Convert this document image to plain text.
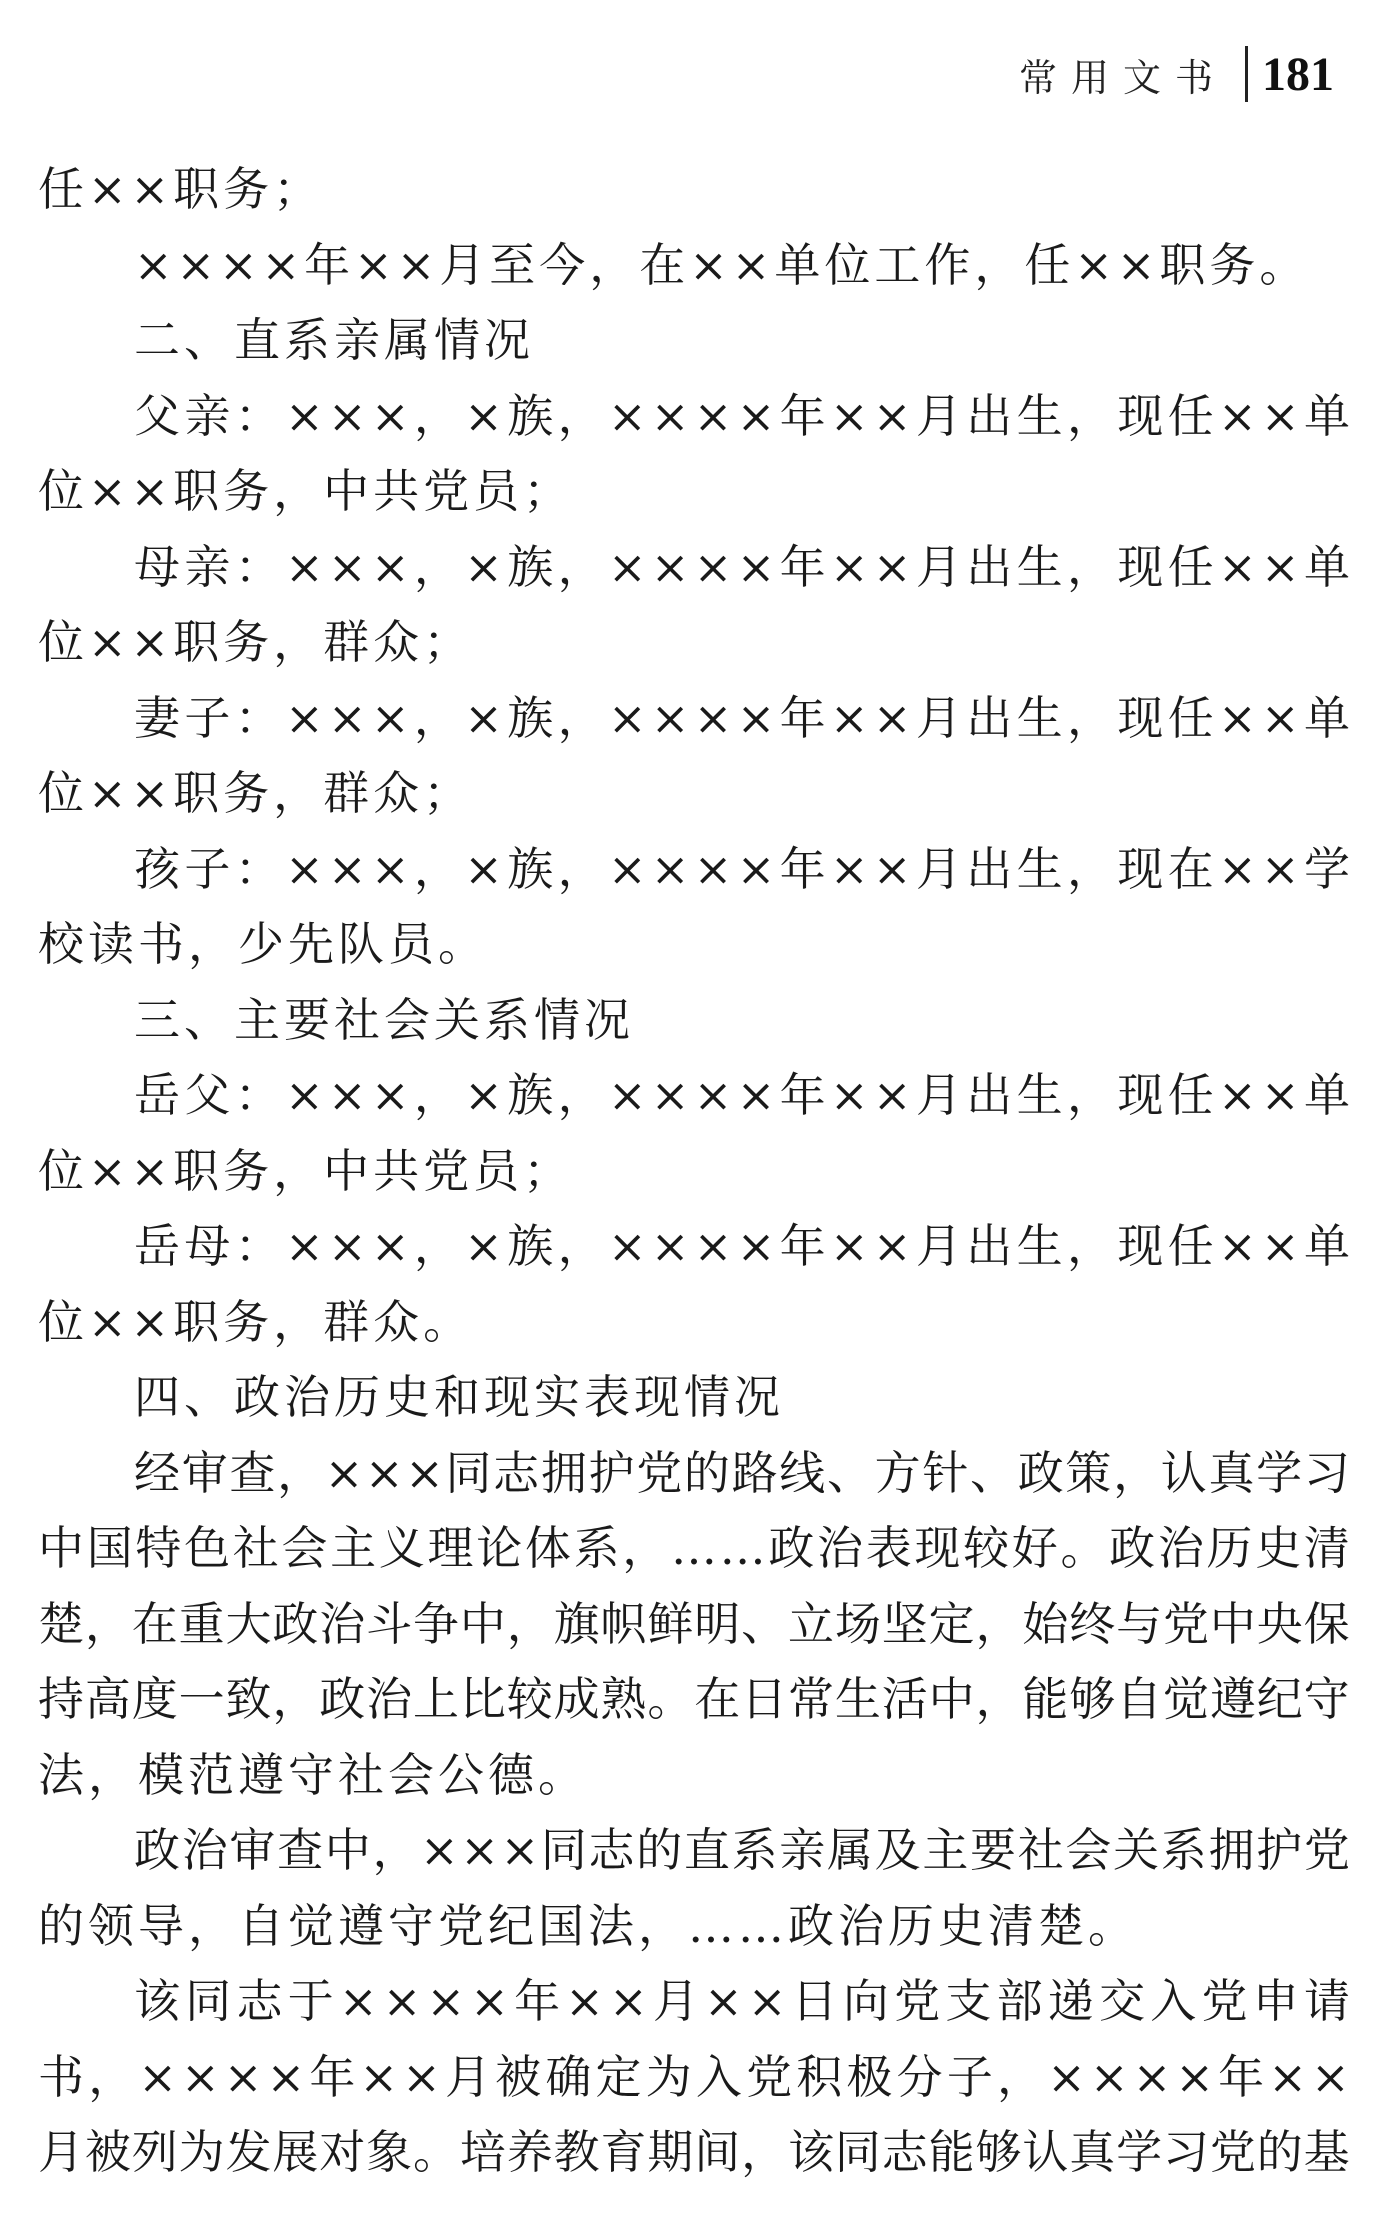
常用文书 181
任××职务；
××××年××月至今，在××单位工作，任××职务。
二、直系亲属情况
父 亲 ： × × × ， × 族 ， × × × × 年 × × 月 出 生 ， 现 任 × × 单
位××职务，中共党员；
母 亲 ： × × × ， × 族 ， × × × × 年 × × 月 出 生 ， 现 任 × × 单
位××职务，群众；
妻 子 ： × × × ， × 族 ， × × × × 年 × × 月 出 生 ， 现 任 × × 单
位××职务，群众；
孩 子 ： × × × ， × 族 ， × × × × 年 × × 月 出 生 ， 现 在 × × 学
校读书，少先队员。
三、主要社会关系情况
岳 父 ： × × × ， × 族 ， × × × × 年 × × 月 出 生 ， 现 任 × × 单
位××职务，中共党员；
岳 母 ： × × × ， × 族 ， × × × × 年 × × 月 出 生 ， 现 任 × × 单
位××职务，群众。
四、政治历史和现实表现情况
经 审 查 ， × × × 同 志 拥 护 党 的 路 线 、 方 针 、 政 策 ， 认 真 学 习
中 国 特 色 社 会 主 义 理 论 体 系 ， … … 政 治 表 现 较 好 。 政 治 历 史 清
楚 ， 在 重 大 政 治 斗 争 中 ， 旗 帜 鲜 明 、 立 场 坚 定 ， 始 终 与 党 中 央 保
持 高 度 一 致 ， 政 治 上 比 较 成 熟 。 在 日 常 生 活 中 ， 能 够 自 觉 遵 纪 守
法，模范遵守社会公德。
政 治 审 查 中 ， × × × 同 志 的 直 系 亲 属 及 主 要 社 会 关 系 拥 护 党
的领导，自觉遵守党纪国法，……政治历史清楚。
该 同 志 于 × × × × 年 × × 月 × × 日 向 党 支 部 递 交 入 党 申 请
书 ， × × × × 年 × × 月 被 确 定 为 入 党 积 极 分 子 ， × × × × 年 × ×
月 被 列 为 发 展 对 象 。 培 养 教 育 期 间 ， 该 同 志 能 够 认 真 学 习 党 的 基
